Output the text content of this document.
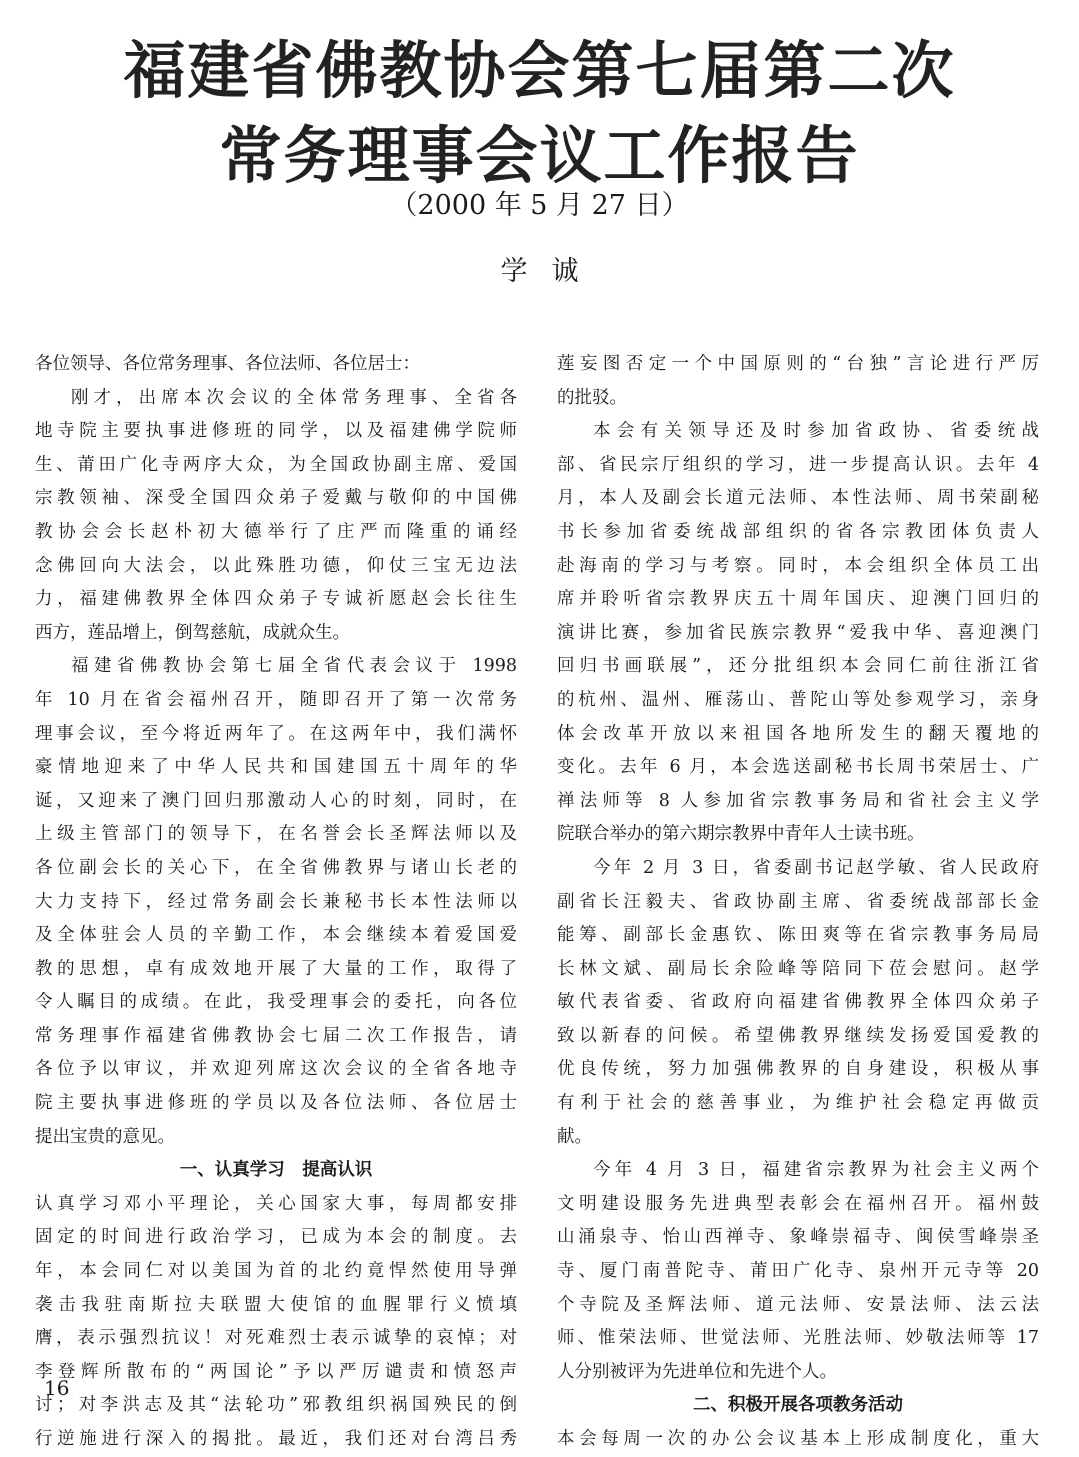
福建省佛教协会第七届第二次
常务理事会议工作报告
（2000 年 5 月 27 日）
学诚
各位领导、各位常务理事、各位法师、各位居士：
刚才，出席本次会议的全体常务理事、全省各
地寺院主要执事进修班的同学，以及福建佛学院师
生、莆田广化寺两序大众，为全国政协副主席、爱国
宗教领袖、深受全国四众弟子爱戴与敬仰的中国佛
教协会会长赵朴初大德举行了庄严而隆重的诵经
念佛回向大法会，以此殊胜功德，仰仗三宝无边法
力，福建佛教界全体四众弟子专诚祈愿赵会长往生
西方，莲品增上，倒驾慈航，成就众生。
福建省佛教协会第七届全省代表会议于 1998
年 10 月在省会福州召开，随即召开了第一次常务
理事会议，至今将近两年了。在这两年中，我们满怀
豪情地迎来了中华人民共和国建国五十周年的华
诞，又迎来了澳门回归那激动人心的时刻，同时，在
上级主管部门的领导下，在名誉会长圣辉法师以及
各位副会长的关心下，在全省佛教界与诸山长老的
大力支持下，经过常务副会长兼秘书长本性法师以
及全体驻会人员的辛勤工作，本会继续本着爱国爱
教的思想，卓有成效地开展了大量的工作，取得了
令人瞩目的成绩。在此，我受理事会的委托，向各位
常务理事作福建省佛教协会七届二次工作报告，请
各位予以审议，并欢迎列席这次会议的全省各地寺
院主要执事进修班的学员以及各位法师、各位居士
提出宝贵的意见。
一、认真学习　提高认识
认真学习邓小平理论，关心国家大事，每周都安排
固定的时间进行政治学习，已成为本会的制度。去
年，本会同仁对以美国为首的北约竟悍然使用导弹
袭击我驻南斯拉夫联盟大使馆的血腥罪行义愤填
膺，表示强烈抗议！对死难烈士表示诚挚的哀悼；对
李登辉所散布的“两国论”予以严厉谴责和愤怒声
讨；对李洪志及其“法轮功”邪教组织祸国殃民的倒
行逆施进行深入的揭批。最近，我们还对台湾吕秀
莲妄图否定一个中国原则的“台独”言论进行严厉
的批驳。
本会有关领导还及时参加省政协、省委统战
部、省民宗厅组织的学习，进一步提高认识。去年 4
月，本人及副会长道元法师、本性法师、周书荣副秘
书长参加省委统战部组织的省各宗教团体负责人
赴海南的学习与考察。同时，本会组织全体员工出
席并聆听省宗教界庆五十周年国庆、迎澳门回归的
演讲比赛，参加省民族宗教界“爱我中华、喜迎澳门
回归书画联展”，还分批组织本会同仁前往浙江省
的杭州、温州、雁荡山、普陀山等处参观学习，亲身
体会改革开放以来祖国各地所发生的翻天覆地的
变化。去年 6 月，本会选送副秘书长周书荣居士、广
禅法师等 8 人参加省宗教事务局和省社会主义学
院联合举办的第六期宗教界中青年人士读书班。
今年 2 月 3 日，省委副书记赵学敏、省人民政府
副省长汪毅夫、省政协副主席、省委统战部部长金
能筹、副部长金惠钦、陈田爽等在省宗教事务局局
长林文斌、副局长余险峰等陪同下莅会慰问。赵学
敏代表省委、省政府向福建省佛教界全体四众弟子
致以新春的问候。希望佛教界继续发扬爱国爱教的
优良传统，努力加强佛教界的自身建设，积极从事
有利于社会的慈善事业，为维护社会稳定再做贡
献。
今年 4 月 3 日，福建省宗教界为社会主义两个
文明建设服务先进典型表彰会在福州召开。福州鼓
山涌泉寺、怡山西禅寺、象峰崇福寺、闽侯雪峰崇圣
寺、厦门南普陀寺、莆田广化寺、泉州开元寺等 20
个寺院及圣辉法师、道元法师、安景法师、法云法
师、惟荣法师、世觉法师、光胜法师、妙敬法师等 17
人分别被评为先进单位和先进个人。
二、积极开展各项教务活动
本会每周一次的办公会议基本上形成制度化，重大
16
